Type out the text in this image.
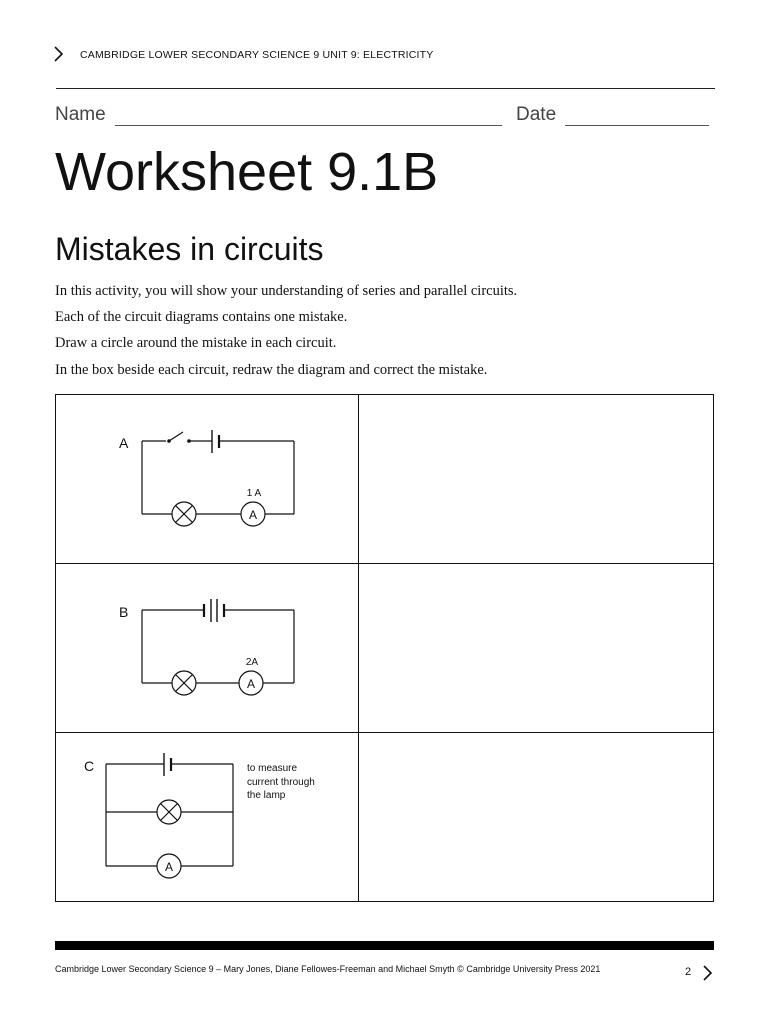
CAMBRIDGE LOWER SECONDARY SCIENCE 9 UNIT 9: ELECTRICITY
Name	Date
Worksheet 9.1B
Mistakes in circuits
In this activity, you will show your understanding of series and parallel circuits.
Each of the circuit diagrams contains one mistake.
Draw a circle around the mistake in each circuit.
In the box beside each circuit, redraw the diagram and correct the mistake.
A
A
1 A	

B
A
2A	

C
A
to measure
current through
the lamp	

Cambridge Lower Secondary Science 9 – Mary Jones, Diane Fellowes-Freeman and Michael Smyth © Cambridge University Press 2021	2
